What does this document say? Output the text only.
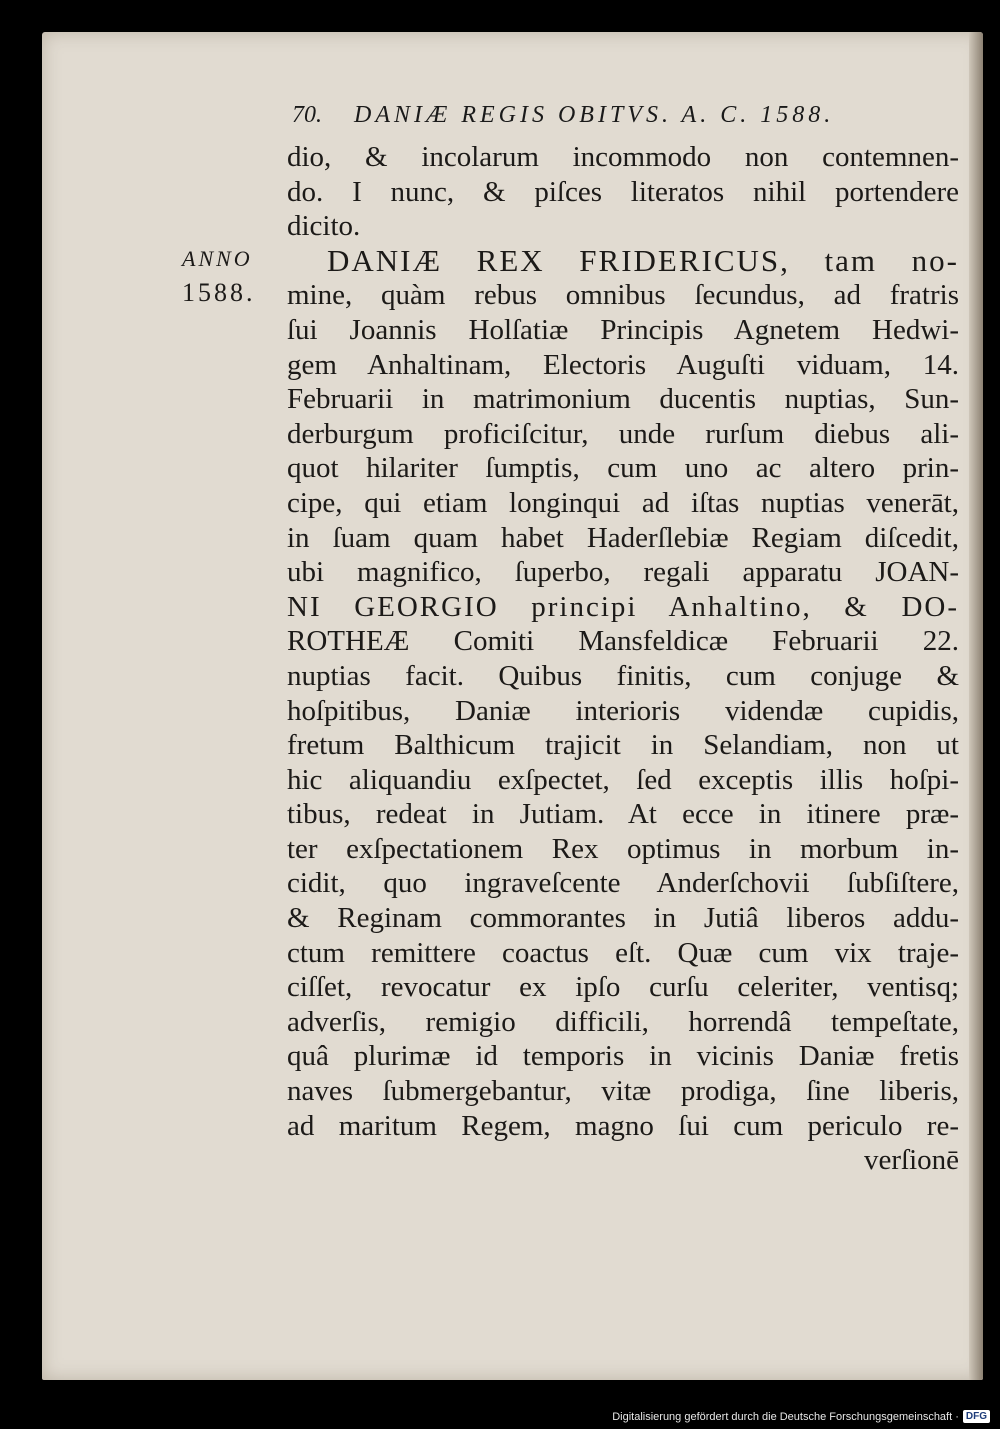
70. DANIÆ REGIS OBITVS. A. C. 1588.
ANNO
1588.
dio, & incolarum incommodo non contemnen-
do. I nunc, & piſces literatos nihil portendere
dicito.
DANIÆ REX FRIDERICUS, tam no-
mine, quàm rebus omnibus ſecundus, ad fratris
ſui Joannis Holſatiæ Principis Agnetem Hedwi-
gem Anhaltinam, Electoris Auguſti viduam, 14.
Februarii in matrimonium ducentis nuptias, Sun-
derburgum proficiſcitur, unde rurſum diebus ali-
quot hilariter ſumptis, cum uno ac altero prin-
cipe, qui etiam longinqui ad iſtas nuptias venerāt,
in ſuam quam habet Haderſlebiæ Regiam diſcedit,
ubi magnifico, ſuperbo, regali apparatu JOAN-
NI GEORGIO principi Anhaltino, & DO-
ROTHEÆ Comiti Mansfeldicæ Februarii 22.
nuptias facit. Quibus finitis, cum conjuge &
hoſpitibus, Daniæ interioris videndæ cupidis,
fretum Balthicum trajicit in Selandiam, non ut
hic aliquandiu exſpectet, ſed exceptis illis hoſpi-
tibus, redeat in Jutiam. At ecce in itinere præ-
ter exſpectationem Rex optimus in morbum in-
cidit, quo ingraveſcente Anderſchovii ſubſiſtere,
& Reginam commorantes in Jutiâ liberos addu-
ctum remittere coactus eſt. Quæ cum vix traje-
ciſſet, revocatur ex ipſo curſu celeriter, ventisq;
adverſis, remigio difficili, horrendâ tempeſtate,
quâ plurimæ id temporis in vicinis Daniæ fretis
naves ſubmergebantur, vitæ prodiga, ſine liberis,
ad maritum Regem, magno ſui cum periculo re-
verſionē
Digitalisierung gefördert durch die Deutsche Forschungsgemeinschaft · DFG
